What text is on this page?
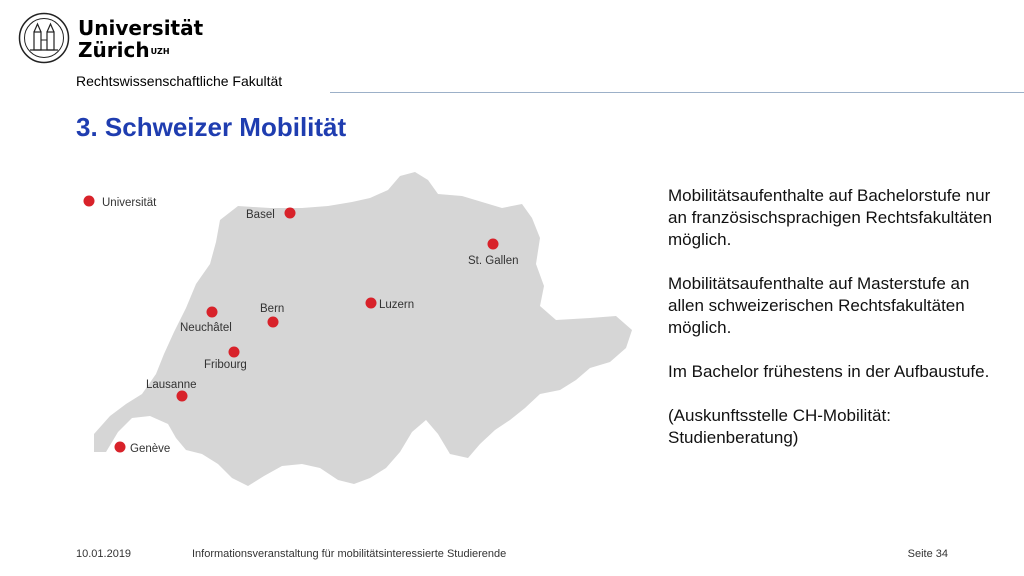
Universität
Zürich$^{UZH}$
Rechtswissenschaftliche Fakultät
3. Schweizer Mobilität
Universität
Basel
St. Gallen
Luzern
Bern
Neuchâtel
Fribourg
Lausanne
Genève

Mobilitätsaufenthalte auf Bachelorstufe nur an französischsprachigen Rechtsfakultäten möglich.

Mobilitätsaufenthalte auf Masterstufe an allen schweizerischen Rechtsfakultäten möglich.

Im Bachelor frühestens in der Aufbaustufe.

(Auskunftsstelle CH-Mobilität: Studienberatung)

10.01.2019	Informationsveranstaltung für mobilitätsinteressierte Studierende	Seite 34
